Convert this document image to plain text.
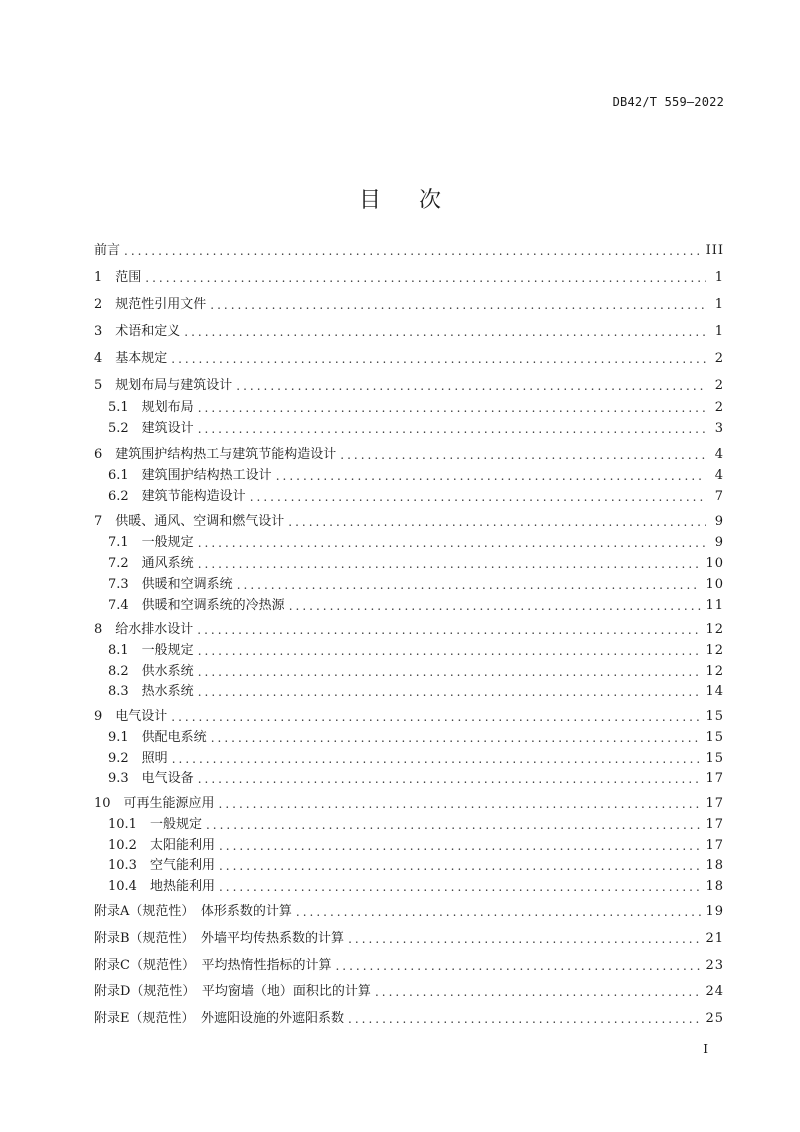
DB42/T 559—2022
目 次
前言 .....	III
1　范围 .....	1
2　规范性引用文件 .....	1
3　术语和定义 .....	1
4　基本规定 .....	2
5　规划布局与建筑设计 .....	2
5.1　规划布局 .....	2
5.2　建筑设计 .....	3
6　建筑围护结构热工与建筑节能构造设计 .....	4
6.1　建筑围护结构热工设计 .....	4
6.2　建筑节能构造设计 .....	7
7　供暖、通风、空调和燃气设计 .....	9
7.1　一般规定 .....	9
7.2　通风系统 .....	10
7.3　供暖和空调系统 .....	10
7.4　供暖和空调系统的冷热源 .....	11
8　给水排水设计 .....	12
8.1　一般规定 .....	12
8.2　供水系统 .....	12
8.3　热水系统 .....	14
9　电气设计 .....	15
9.1　供配电系统 .....	15
9.2　照明 .....	15
9.3　电气设备 .....	17
10　可再生能源应用 .....	17
10.1　一般规定 .....	17
10.2　太阳能利用 .....	17
10.3　空气能利用 .....	18
10.4　地热能利用 .....	18
附录A（规范性）　体形系数的计算 .....	19
附录B（规范性）　外墙平均传热系数的计算 .....	21
附录C（规范性）　平均热惰性指标的计算 .....	23
附录D（规范性）　平均窗墙（地）面积比的计算 .....	24
附录E（规范性）　外遮阳设施的外遮阳系数 .....	25
I
